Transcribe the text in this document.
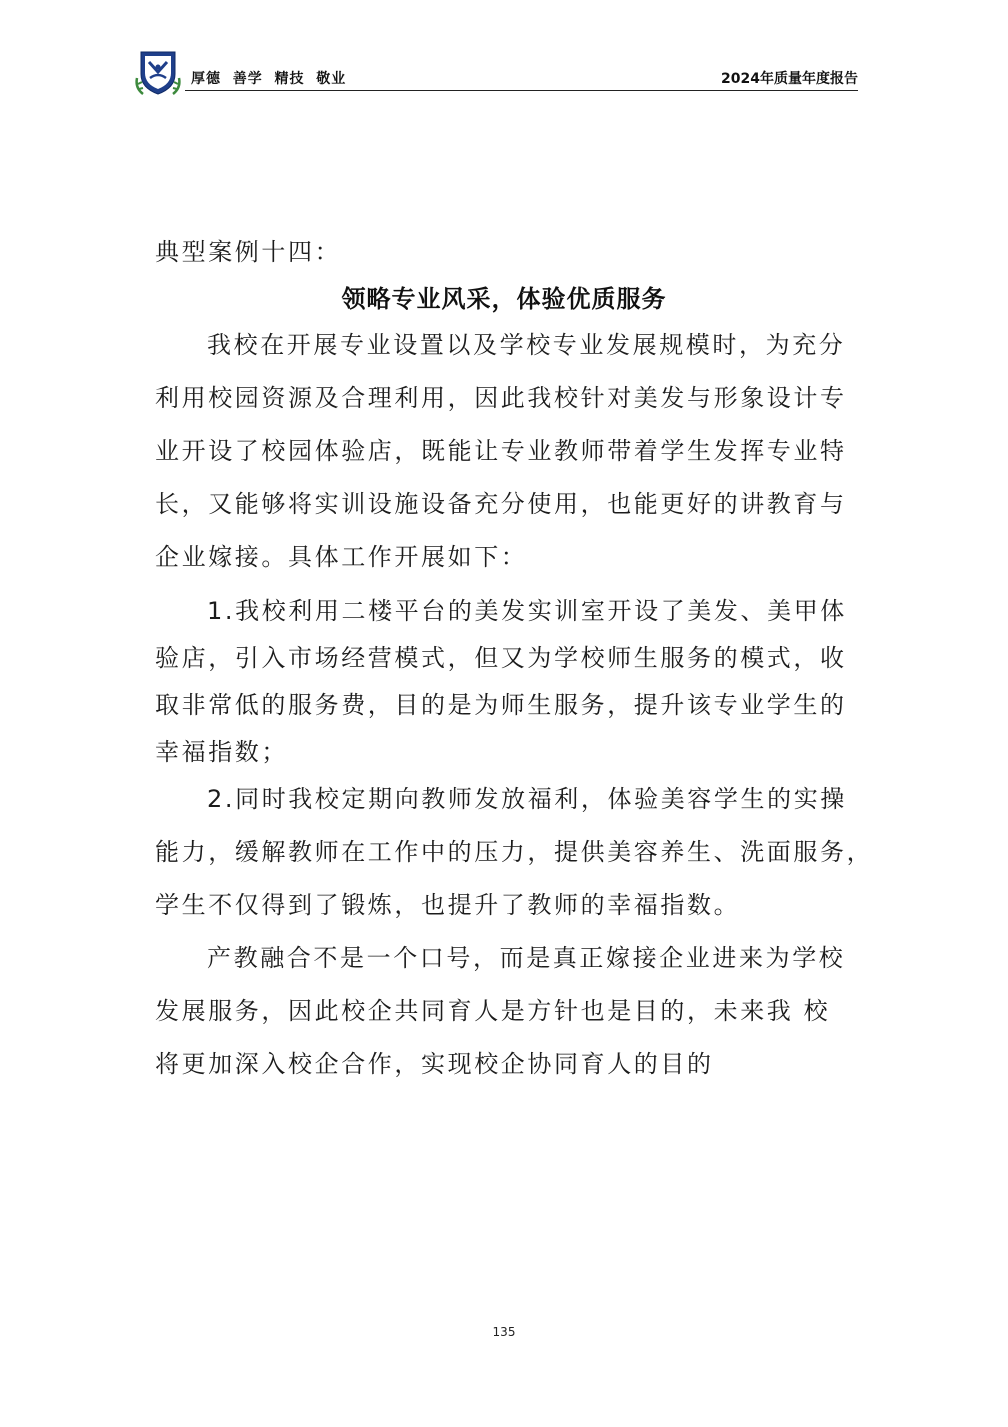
厚德  善学  精技  敬业	2024年质量年度报告
典型案例十四：
领略专业风采，体验优质服务
我校在开展专业设置以及学校专业发展规模时，为充分
利用校园资源及合理利用，因此我校针对美发与形象设计专
业开设了校园体验店，既能让专业教师带着学生发挥专业特
长，又能够将实训设施设备充分使用，也能更好的讲教育与
企业嫁接。具体工作开展如下：
1.我校利用二楼平台的美发实训室开设了美发、美甲体
验店，引入市场经营模式，但又为学校师生服务的模式，收
取非常低的服务费，目的是为师生服务，提升该专业学生的
幸福指数；
2.同时我校定期向教师发放福利，体验美容学生的实操
能力，缓解教师在工作中的压力，提供美容养生、洗面服务，
学生不仅得到了锻炼，也提升了教师的幸福指数。
产教融合不是一个口号，而是真正嫁接企业进来为学校
发展服务，因此校企共同育人是方针也是目的，未来我 校
将更加深入校企合作，实现校企协同育人的目的
135
